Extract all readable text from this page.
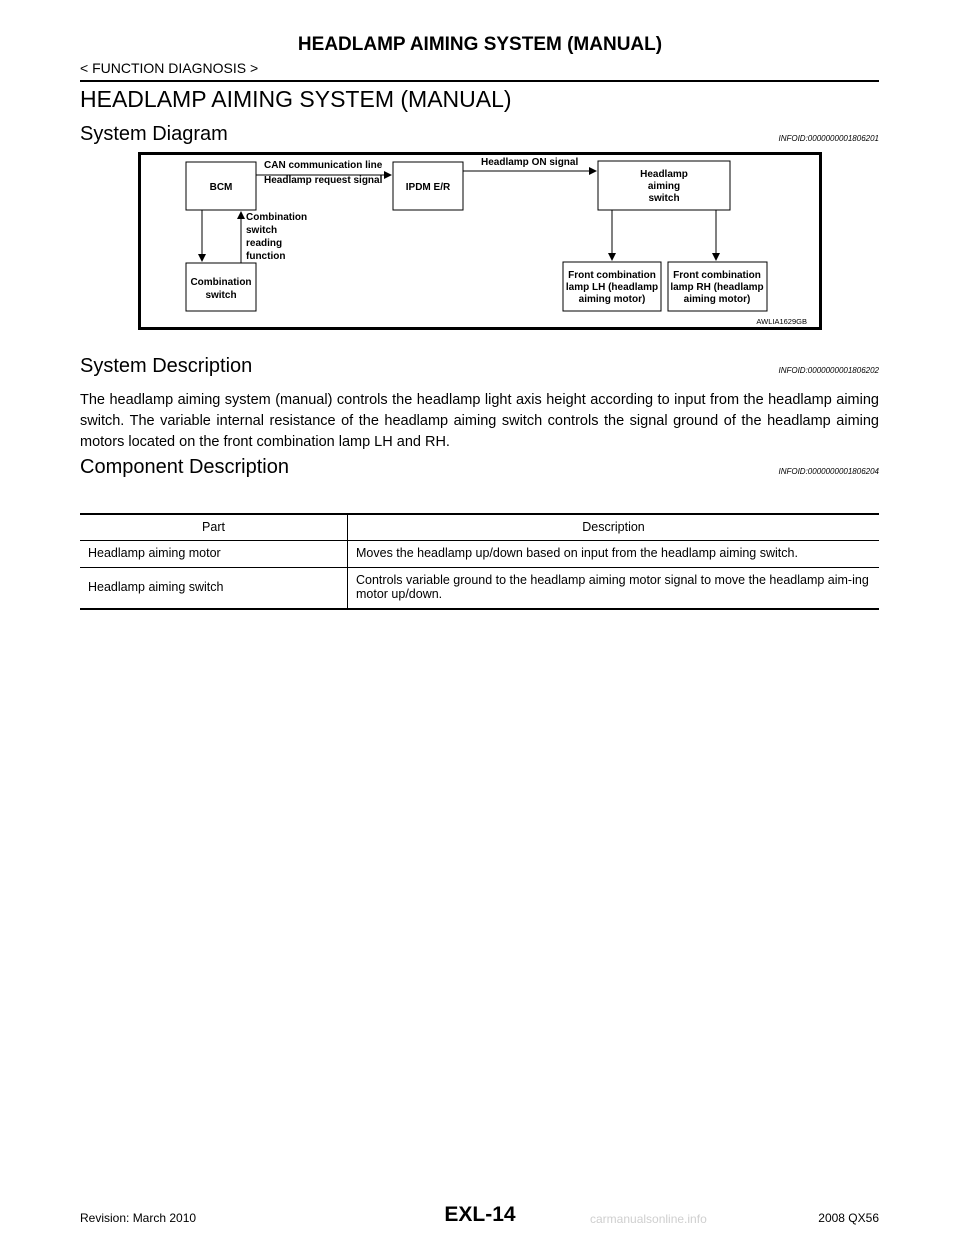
HEADLAMP AIMING SYSTEM (MANUAL)
< FUNCTION DIAGNOSIS >
HEADLAMP AIMING SYSTEM (MANUAL)
System Diagram	INFOID:0000000001806201
BCM	IPDM E/R
Headlamp
aiming
switch
Combination
switch
Front combination
lamp LH (headlamp
aiming motor)
Front combination
lamp RH (headlamp
aiming motor)
CAN communication line
Headlamp request signal
Headlamp ON signal
Combination
switch
reading
function
AWLIA1629GB
System Description	INFOID:0000000001806202
The headlamp aiming system (manual) controls the headlamp light axis height according to input from the headlamp aiming switch. The variable internal resistance of the headlamp aiming switch controls the signal ground of the headlamp aiming motors located on the front combination lamp LH and RH.
Component Description	INFOID:0000000001806204
Part	Description
Headlamp aiming motor	Moves the headlamp up/down based on input from the headlamp aiming switch.
Headlamp aiming switch	Controls variable ground to the headlamp aiming motor signal to move the headlamp aim-ing motor up/down.
Revision: March 2010	EXL-14	carmanualsonline.info	2008 QX56
